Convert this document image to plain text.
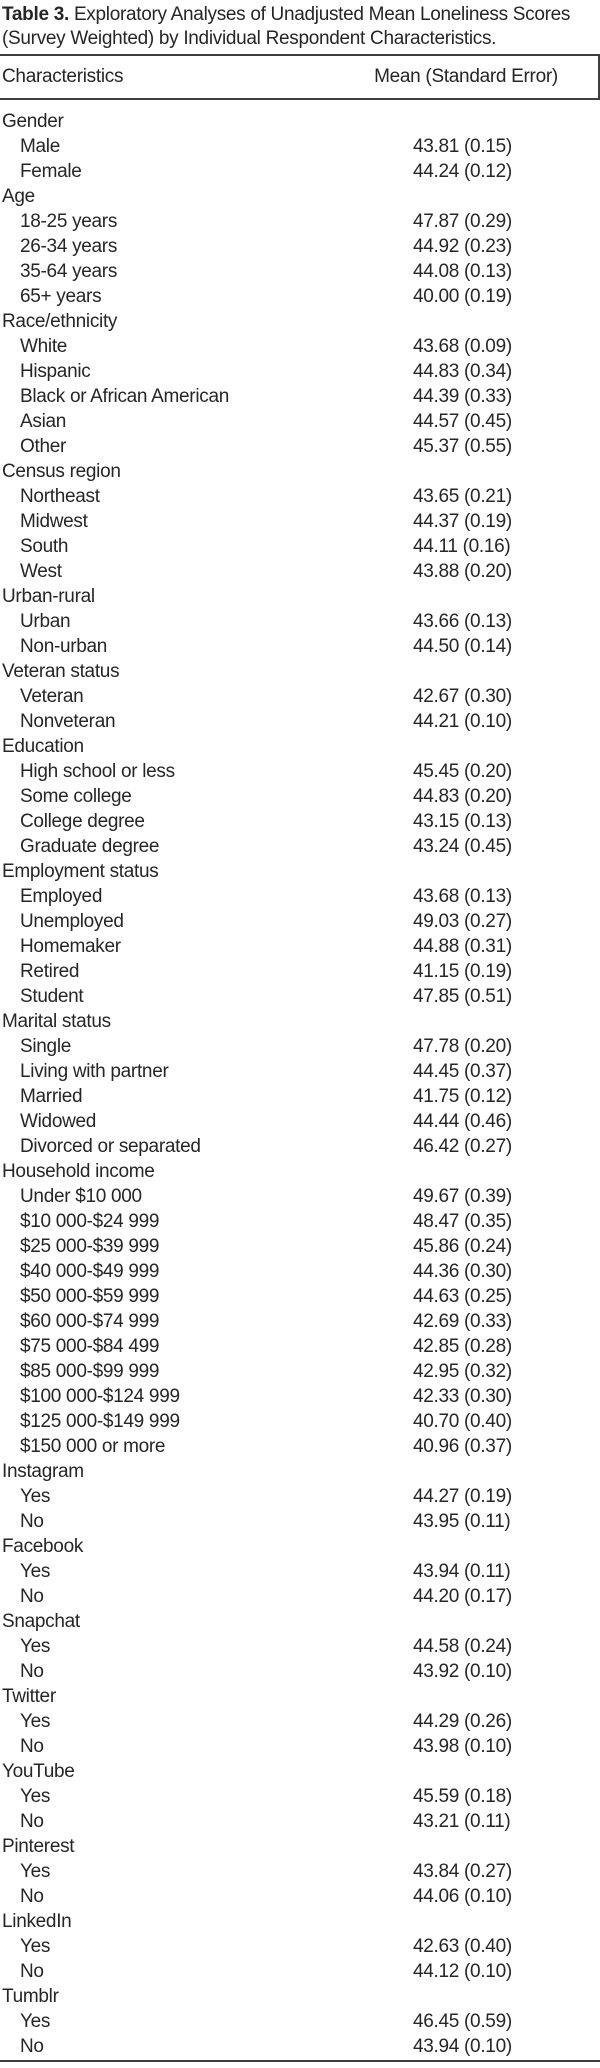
Table 3. Exploratory Analyses of Unadjusted Mean Loneliness Scores (Survey Weighted) by Individual Respondent Characteristics.
Characteristics	Mean (Standard Error)
Gender
Male	43.81 (0.15)
Female	44.24 (0.12)
Age
18-25 years	47.87 (0.29)
26-34 years	44.92 (0.23)
35-64 years	44.08 (0.13)
65+ years	40.00 (0.19)
Race/ethnicity
White	43.68 (0.09)
Hispanic	44.83 (0.34)
Black or African American	44.39 (0.33)
Asian	44.57 (0.45)
Other	45.37 (0.55)
Census region
Northeast	43.65 (0.21)
Midwest	44.37 (0.19)
South	44.11 (0.16)
West	43.88 (0.20)
Urban-rural
Urban	43.66 (0.13)
Non-urban	44.50 (0.14)
Veteran status
Veteran	42.67 (0.30)
Nonveteran	44.21 (0.10)
Education
High school or less	45.45 (0.20)
Some college	44.83 (0.20)
College degree	43.15 (0.13)
Graduate degree	43.24 (0.45)
Employment status
Employed	43.68 (0.13)
Unemployed	49.03 (0.27)
Homemaker	44.88 (0.31)
Retired	41.15 (0.19)
Student	47.85 (0.51)
Marital status
Single	47.78 (0.20)
Living with partner	44.45 (0.37)
Married	41.75 (0.12)
Widowed	44.44 (0.46)
Divorced or separated	46.42 (0.27)
Household income
Under $10 000	49.67 (0.39)
$10 000-$24 999	48.47 (0.35)
$25 000-$39 999	45.86 (0.24)
$40 000-$49 999	44.36 (0.30)
$50 000-$59 999	44.63 (0.25)
$60 000-$74 999	42.69 (0.33)
$75 000-$84 499	42.85 (0.28)
$85 000-$99 999	42.95 (0.32)
$100 000-$124 999	42.33 (0.30)
$125 000-$149 999	40.70 (0.40)
$150 000 or more	40.96 (0.37)
Instagram
Yes	44.27 (0.19)
No	43.95 (0.11)
Facebook
Yes	43.94 (0.11)
No	44.20 (0.17)
Snapchat
Yes	44.58 (0.24)
No	43.92 (0.10)
Twitter
Yes	44.29 (0.26)
No	43.98 (0.10)
YouTube
Yes	45.59 (0.18)
No	43.21 (0.11)
Pinterest
Yes	43.84 (0.27)
No	44.06 (0.10)
LinkedIn
Yes	42.63 (0.40)
No	44.12 (0.10)
Tumblr
Yes	46.45 (0.59)
No	43.94 (0.10)
